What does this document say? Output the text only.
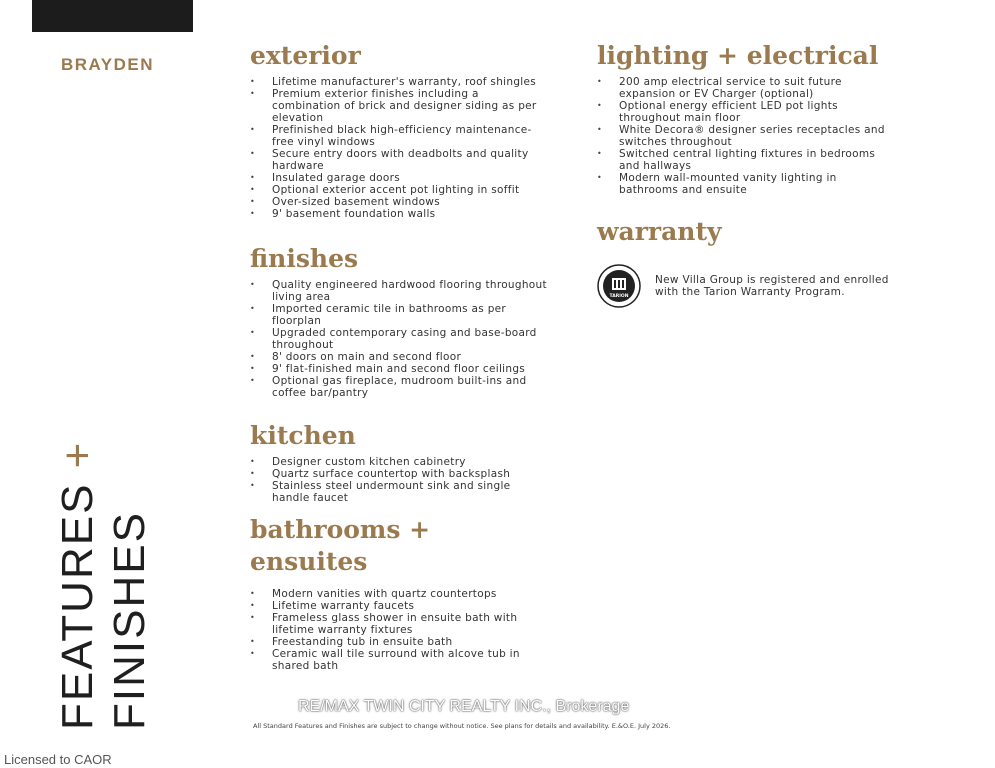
BRAYDEN
FEATURES +
FINISHES
exterior
• Lifetime manufacturer's warranty, roof shingles
• Premium exterior finishes including a combination of brick and designer siding as per elevation
• Prefinished black high-efficiency maintenance-free vinyl windows
• Secure entry doors with deadbolts and quality hardware
• Insulated garage doors
• Optional exterior accent pot lighting in soffit
• Over-sized basement windows
• 9' basement foundation walls
finishes
• Quality engineered hardwood flooring throughout living area
• Imported ceramic tile in bathrooms as per floorplan
• Upgraded contemporary casing and base-board throughout
• 8' doors on main and second floor
• 9' flat-finished main and second floor ceilings
• Optional gas fireplace, mudroom built-ins and coffee bar/pantry
kitchen
• Designer custom kitchen cabinetry
• Quartz surface countertop with backsplash
• Stainless steel undermount sink and single handle faucet
bathrooms +
ensuites
• Modern vanities with quartz countertops
• Lifetime warranty faucets
• Frameless glass shower in ensuite bath with lifetime warranty fixtures
• Freestanding tub in ensuite bath
• Ceramic wall tile surround with alcove tub in shared bath
lighting + electrical
• 200 amp electrical service to suit future expansion or EV Charger (optional)
• Optional energy efficient LED pot lights throughout main floor
• White Decora® designer series receptacles and switches throughout
• Switched central lighting fixtures in bedrooms and hallways
• Modern wall-mounted vanity lighting in bathrooms and ensuite
warranty
TARION
New Villa Group is registered and enrolled with the Tarion Warranty Program.
RE/MAX TWIN CITY REALTY INC., Brokerage
All Standard Features and Finishes are subject to change without notice. See plans for details and availability. E.&O.E. July 2026.
Licensed to CAOR
